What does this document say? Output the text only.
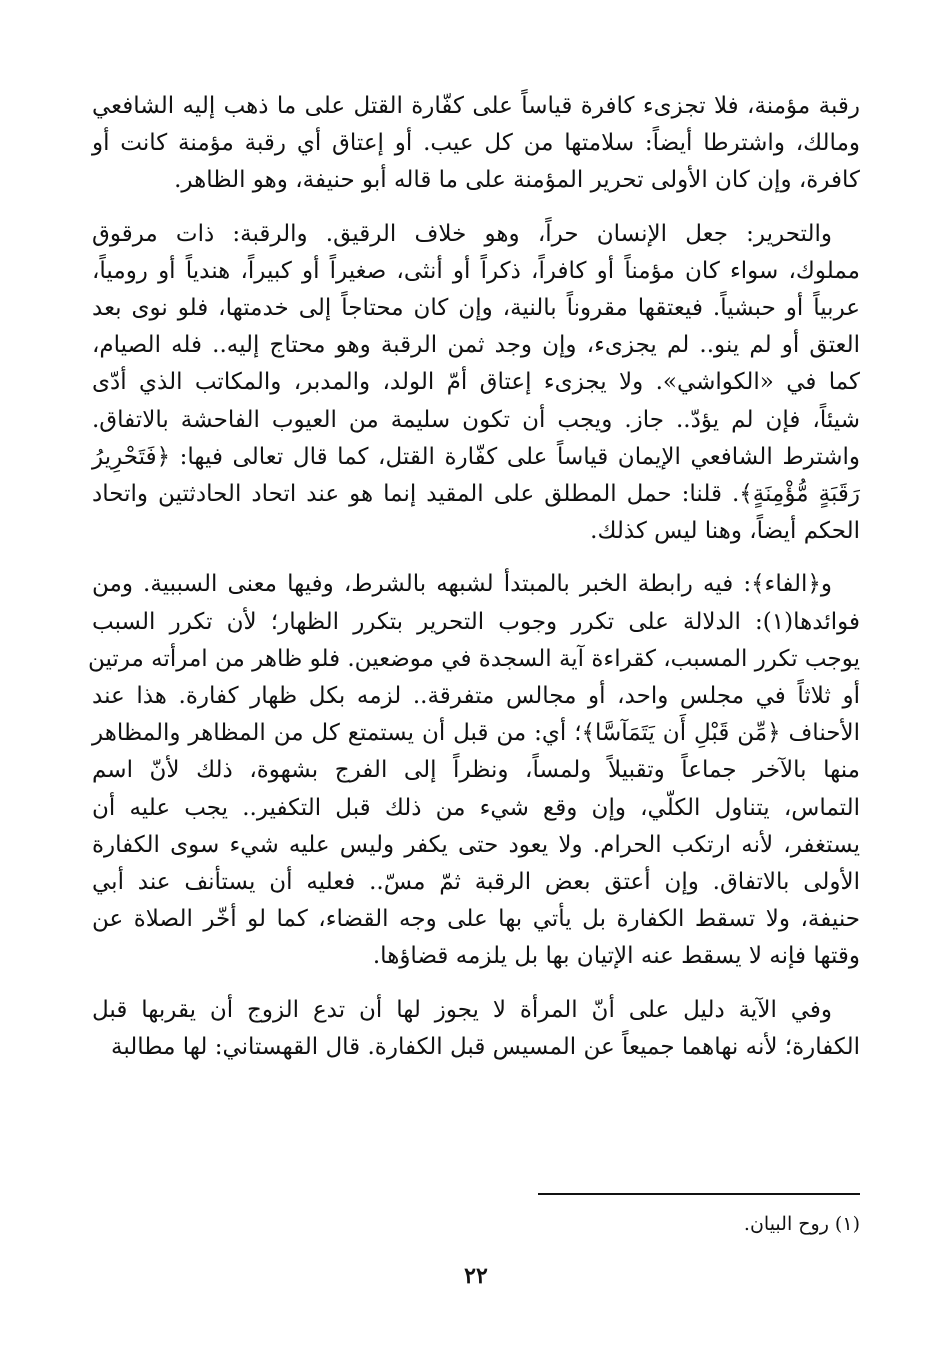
رقبة مؤمنة، فلا تجزىء كافرة قياساً على كفّارة القتل على ما ذهب إليه الشافعي
ومالك، واشترطا أيضاً: سلامتها من كل عيب. أو إعتاق أي رقبة مؤمنة كانت أو
كافرة، وإن كان الأولى تحرير المؤمنة على ما قاله أبو حنيفة، وهو الظاهر.

والتحرير: جعل الإنسان حراً، وهو خلاف الرقيق. والرقبة: ذات مرقوق
مملوك، سواء كان مؤمناً أو كافراً، ذكراً أو أنثى، صغيراً أو كبيراً، هندياً أو رومياً،
عربياً أو حبشياً. فيعتقها مقروناً بالنية، وإن كان محتاجاً إلى خدمتها، فلو نوى بعد
العتق أو لم ينو.. لم يجزىء، وإن وجد ثمن الرقبة وهو محتاج إليه.. فله الصيام،
كما في «الكواشي». ولا يجزىء إعتاق أمّ الولد، والمدبر، والمكاتب الذي أدّى
شيئاً، فإن لم يؤدّ.. جاز. ويجب أن تكون سليمة من العيوب الفاحشة بالاتفاق.
واشترط الشافعي الإيمان قياساً على كفّارة القتل، كما قال تعالى فيها: ﴿فَتَحْرِيرُ
رَقَبَةٍ مُّؤْمِنَةٍ﴾. قلنا: حمل المطلق على المقيد إنما هو عند اتحاد الحادثتين واتحاد
الحكم أيضاً، وهنا ليس كذلك.

و﴿الفاء﴾: فيه رابطة الخبر بالمبتدأ لشبهه بالشرط، وفيها معنى السببية. ومن
فوائدها(١): الدلالة على تكرر وجوب التحرير بتكرر الظهار؛ لأن تكرر السبب
يوجب تكرر المسبب، كقراءة آية السجدة في موضعين. فلو ظاهر من امرأته مرتين
أو ثلاثاً في مجلس واحد، أو مجالس متفرقة.. لزمه بكل ظهار كفارة. هذا عند
الأحناف ﴿مِّن قَبْلِ أَن يَتَمَآسَّا﴾؛ أي: من قبل أن يستمتع كل من المظاهر والمظاهر
منها بالآخر جماعاً وتقبيلاً ولمساً، ونظراً إلى الفرج بشهوة، ذلك لأنّ اسم
التماس، يتناول الكلّي، وإن وقع شيء من ذلك قبل التكفير.. يجب عليه أن
يستغفر، لأنه ارتكب الحرام. ولا يعود حتى يكفر وليس عليه شيء سوى الكفارة
الأولى بالاتفاق. وإن أعتق بعض الرقبة ثمّ مسّ.. فعليه أن يستأنف عند أبي
حنيفة، ولا تسقط الكفارة بل يأتي بها على وجه القضاء، كما لو أخّر الصلاة عن
وقتها فإنه لا يسقط عنه الإتيان بها بل يلزمه قضاؤها.

وفي الآية دليل على أنّ المرأة لا يجوز لها أن تدع الزوج أن يقربها قبل
الكفارة؛ لأنه نهاهما جميعاً عن المسيس قبل الكفارة. قال القهستاني: لها مطالبة

(١) روح البيان.
٢٢
